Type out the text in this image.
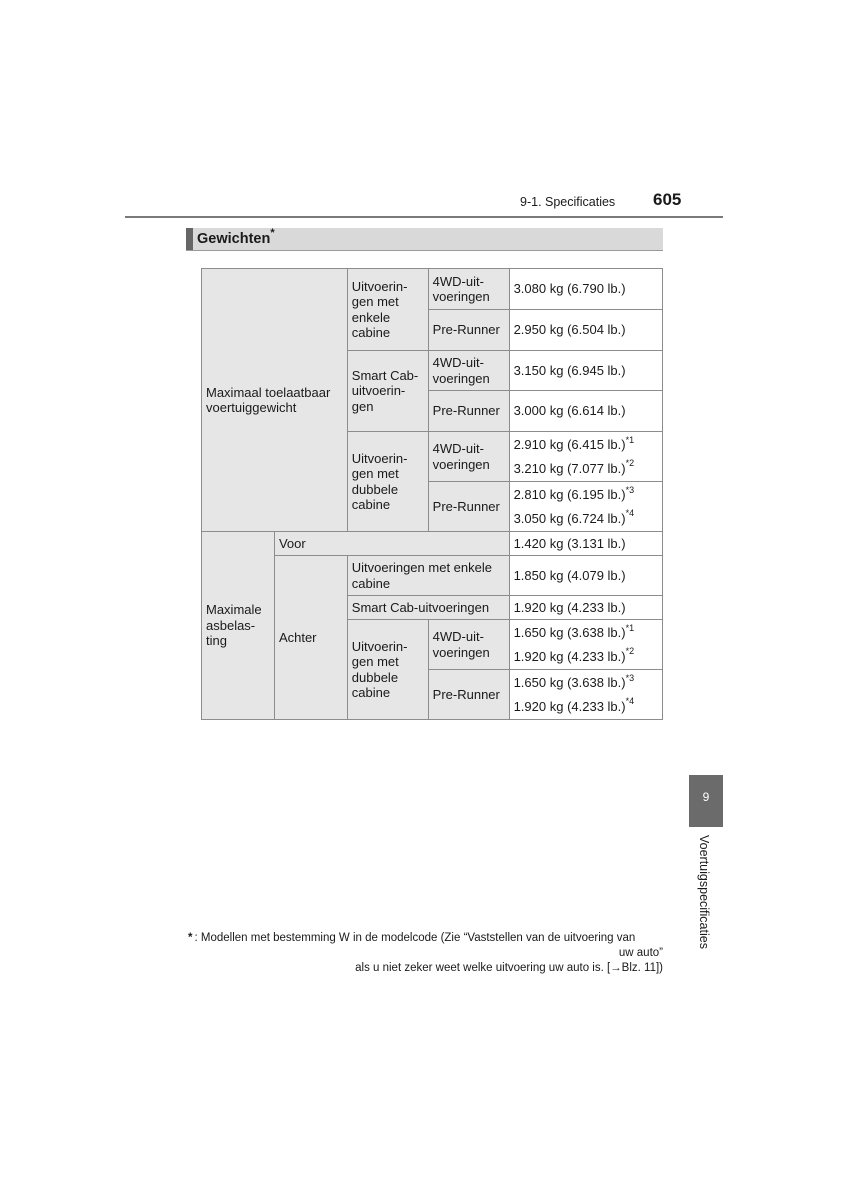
9-1. Specificaties 605
Gewichten*
Maximaal toelaatbaar voertuiggewicht		Uitvoerin-gen met enkele cabine	4WD-uit-voeringen	3.080 kg (6.790 lb.)
			Pre-Runner	2.950 kg (6.504 lb.)
		Smart Cab-uitvoerin-gen	4WD-uit-voeringen	3.150 kg (6.945 lb.)
			Pre-Runner	3.000 kg (6.614 lb.)
		Uitvoerin-gen met dubbele cabine	4WD-uit-voeringen	2.910 kg (6.415 lb.)$^{*1}$
3.210 kg (7.077 lb.)$^{*2}$

			Pre-Runner	2.810 kg (6.195 lb.)$^{*3}$
3.050 kg (6.724 lb.)$^{*4}$

Maximale asbelas-ting	Voor			1.420 kg (3.131 lb.)
	Achter	Uitvoeringen met enkele cabine		1.850 kg (4.079 lb.)
		Smart Cab-uitvoeringen		1.920 kg (4.233 lb.)
		Uitvoerin-gen met dubbele cabine	4WD-uit-voeringen	1.650 kg (3.638 lb.)$^{*1}$
1.920 kg (4.233 lb.)$^{*2}$

			Pre-Runner	1.650 kg (3.638 lb.)$^{*3}$
1.920 kg (4.233 lb.)$^{*4}$
9
Voertuigspecificaties
* : Modellen met bestemming W in de modelcode (Zie “Vaststellen van de uitvoering van
uw auto”
als u niet zeker weet welke uitvoering uw auto is. [→Blz. 11])
